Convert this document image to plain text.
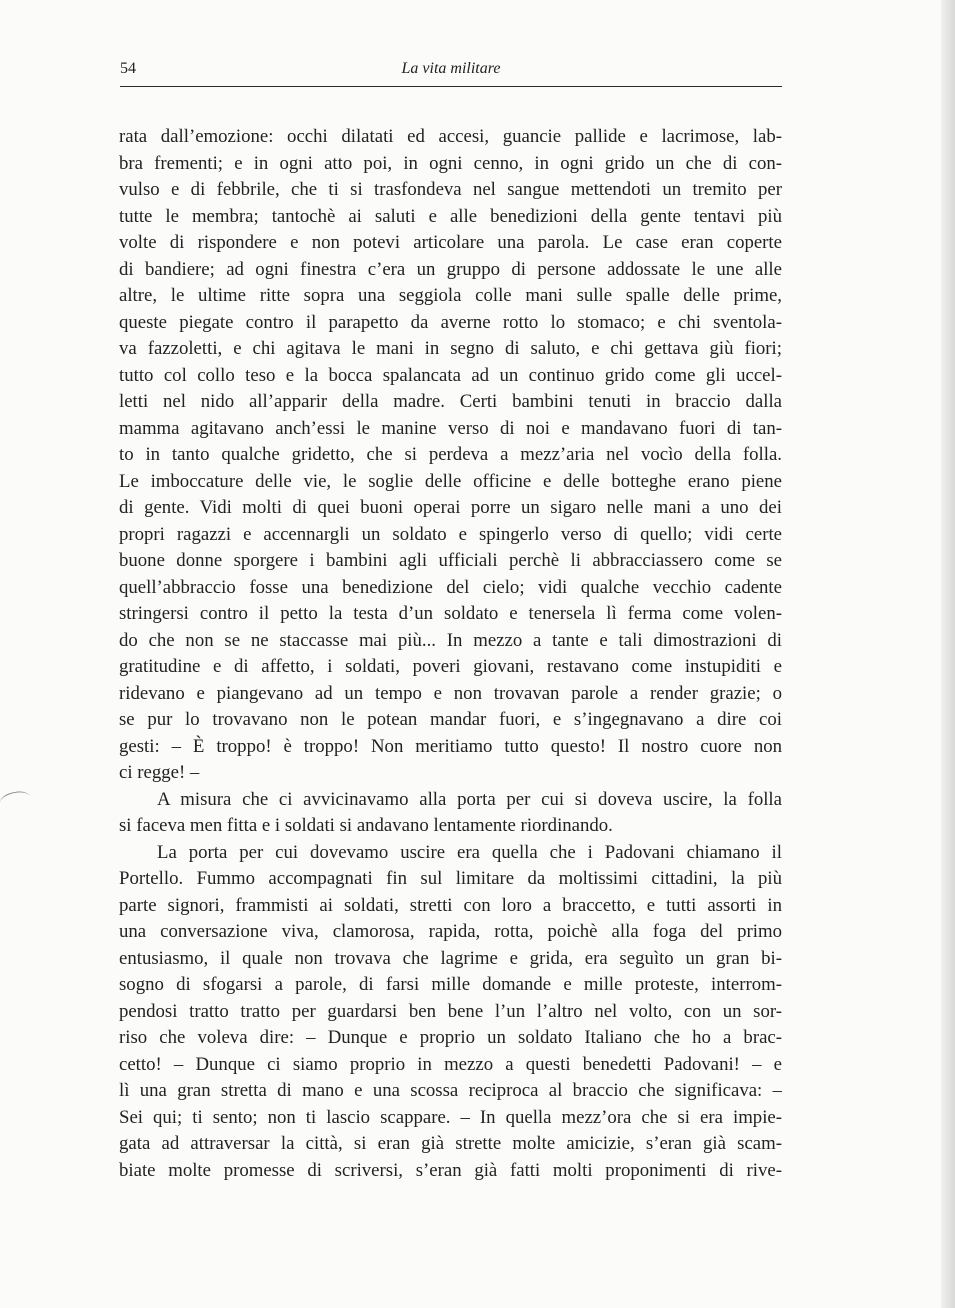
54	La vita militare
rata dall’emozione: occhi dilatati ed accesi, guancie pallide e lacrimose, lab-
bra frementi; e in ogni atto poi, in ogni cenno, in ogni grido un che di con-
vulso e di febbrile, che ti si trasfondeva nel sangue mettendoti un tremito per
tutte le membra; tantochè ai saluti e alle benedizioni della gente tentavi più
volte di rispondere e non potevi articolare una parola. Le case eran coperte
di bandiere; ad ogni finestra c’era un gruppo di persone addossate le une alle
altre, le ultime ritte sopra una seggiola colle mani sulle spalle delle prime,
queste piegate contro il parapetto da averne rotto lo stomaco; e chi sventola-
va fazzoletti, e chi agitava le mani in segno di saluto, e chi gettava giù fiori;
tutto col collo teso e la bocca spalancata ad un continuo grido come gli uccel-
letti nel nido all’apparir della madre. Certi bambini tenuti in braccio dalla
mamma agitavano anch’essi le manine verso di noi e mandavano fuori di tan-
to in tanto qualche gridetto, che si perdeva a mezz’aria nel vocìo della folla.
Le imboccature delle vie, le soglie delle officine e delle botteghe erano piene
di gente. Vidi molti di quei buoni operai porre un sigaro nelle mani a uno dei
propri ragazzi e accennargli un soldato e spingerlo verso di quello; vidi certe
buone donne sporgere i bambini agli ufficiali perchè li abbracciassero come se
quell’abbraccio fosse una benedizione del cielo; vidi qualche vecchio cadente
stringersi contro il petto la testa d’un soldato e tenersela lì ferma come volen-
do che non se ne staccasse mai più... In mezzo a tante e tali dimostrazioni di
gratitudine e di affetto, i soldati, poveri giovani, restavano come instupiditi e
ridevano e piangevano ad un tempo e non trovavan parole a render grazie; o
se pur lo trovavano non le potean mandar fuori, e s’ingegnavano a dire coi
gesti: – È troppo! è troppo! Non meritiamo tutto questo! Il nostro cuore non
ci regge! –
A misura che ci avvicinavamo alla porta per cui si doveva uscire, la folla
si faceva men fitta e i soldati si andavano lentamente riordinando.
La porta per cui dovevamo uscire era quella che i Padovani chiamano il
Portello. Fummo accompagnati fin sul limitare da moltissimi cittadini, la più
parte signori, frammisti ai soldati, stretti con loro a braccetto, e tutti assorti in
una conversazione viva, clamorosa, rapida, rotta, poichè alla foga del primo
entusiasmo, il quale non trovava che lagrime e grida, era seguìto un gran bi-
sogno di sfogarsi a parole, di farsi mille domande e mille proteste, interrom-
pendosi tratto tratto per guardarsi ben bene l’un l’altro nel volto, con un sor-
riso che voleva dire: – Dunque e proprio un soldato Italiano che ho a brac-
cetto! – Dunque ci siamo proprio in mezzo a questi benedetti Padovani! – e
lì una gran stretta di mano e una scossa reciproca al braccio che significava: –
Sei qui; ti sento; non ti lascio scappare. – In quella mezz’ora che si era impie-
gata ad attraversar la città, si eran già strette molte amicizie, s’eran già scam-
biate molte promesse di scriversi, s’eran già fatti molti proponimenti di rive-
